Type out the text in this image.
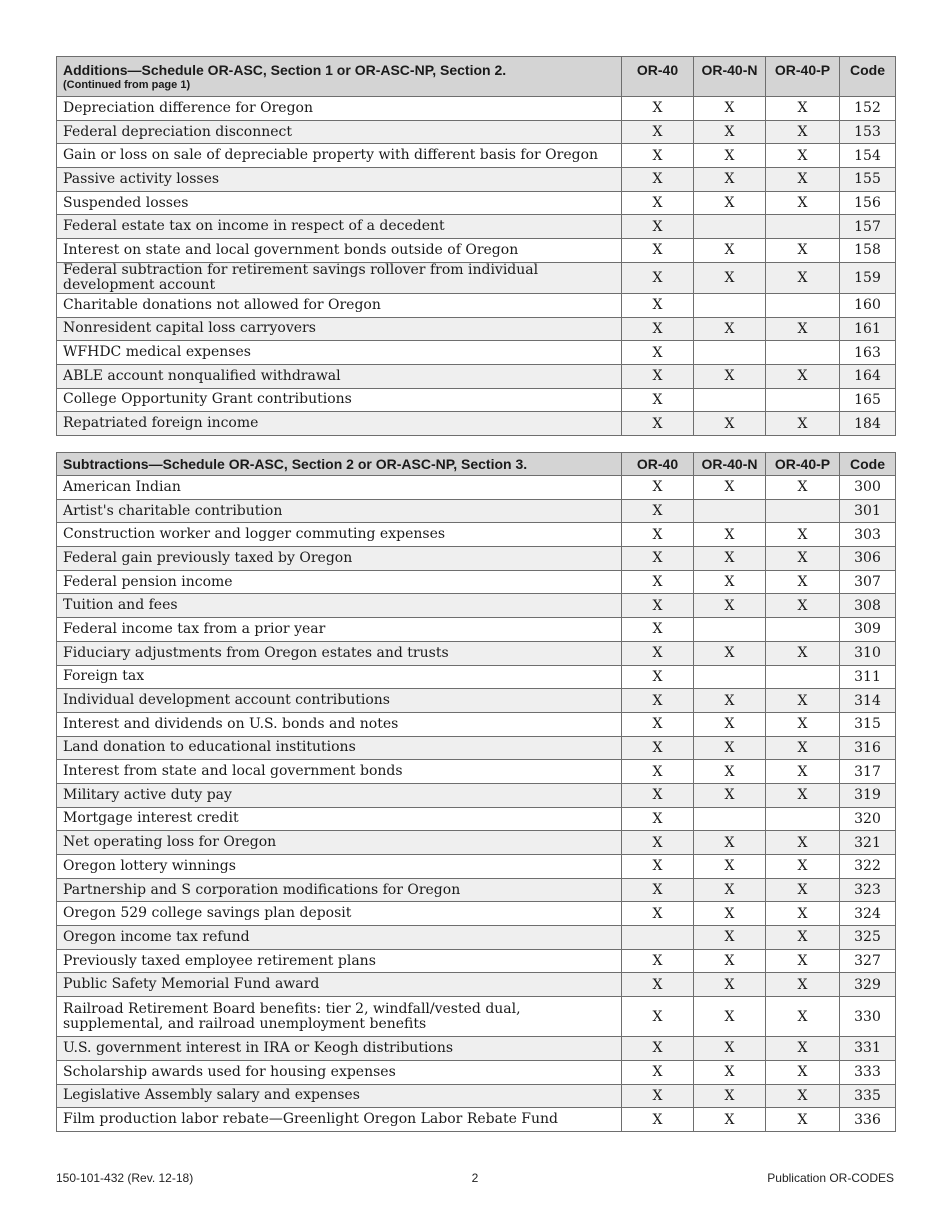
Additions—Schedule OR-ASC, Section 1 or OR-ASC-NP, Section 2.
(Continued from page 1)	OR-40	OR-40-N	OR-40-P	Code
Depreciation difference for Oregon	X	X	X	152
Federal depreciation disconnect	X	X	X	153
Gain or loss on sale of depreciable property with different basis for Oregon	X	X	X	154
Passive activity losses	X	X	X	155
Suspended losses	X	X	X	156
Federal estate tax on income in respect of a decedent	X			157
Interest on state and local government bonds outside of Oregon	X	X	X	158
Federal subtraction for retirement savings rollover from individual development account	X	X	X	159
Charitable donations not allowed for Oregon	X			160
Nonresident capital loss carryovers	X	X	X	161
WFHDC medical expenses	X			163
ABLE account nonqualified withdrawal	X	X	X	164
College Opportunity Grant contributions	X			165
Repatriated foreign income	X	X	X	184
Subtractions—Schedule OR-ASC, Section 2 or OR-ASC-NP, Section 3.	OR-40	OR-40-N	OR-40-P	Code
American Indian	X	X	X	300
Artist's charitable contribution	X			301
Construction worker and logger commuting expenses	X	X	X	303
Federal gain previously taxed by Oregon	X	X	X	306
Federal pension income	X	X	X	307
Tuition and fees	X	X	X	308
Federal income tax from a prior year	X			309
Fiduciary adjustments from Oregon estates and trusts	X	X	X	310
Foreign tax	X			311
Individual development account contributions	X	X	X	314
Interest and dividends on U.S. bonds and notes	X	X	X	315
Land donation to educational institutions	X	X	X	316
Interest from state and local government bonds	X	X	X	317
Military active duty pay	X	X	X	319
Mortgage interest credit	X			320
Net operating loss for Oregon	X	X	X	321
Oregon lottery winnings	X	X	X	322
Partnership and S corporation modifications for Oregon	X	X	X	323
Oregon 529 college savings plan deposit	X	X	X	324
Oregon income tax refund		X	X	325
Previously taxed employee retirement plans	X	X	X	327
Public Safety Memorial Fund award	X	X	X	329
Railroad Retirement Board benefits: tier 2, windfall/vested dual, supplemental, and railroad unemployment benefits	X	X	X	330
U.S. government interest in IRA or Keogh distributions	X	X	X	331
Scholarship awards used for housing expenses	X	X	X	333
Legislative Assembly salary and expenses	X	X	X	335
Film production labor rebate—Greenlight Oregon Labor Rebate Fund	X	X	X	336
150-101-432 (Rev. 12-18)	2	Publication OR-CODES
